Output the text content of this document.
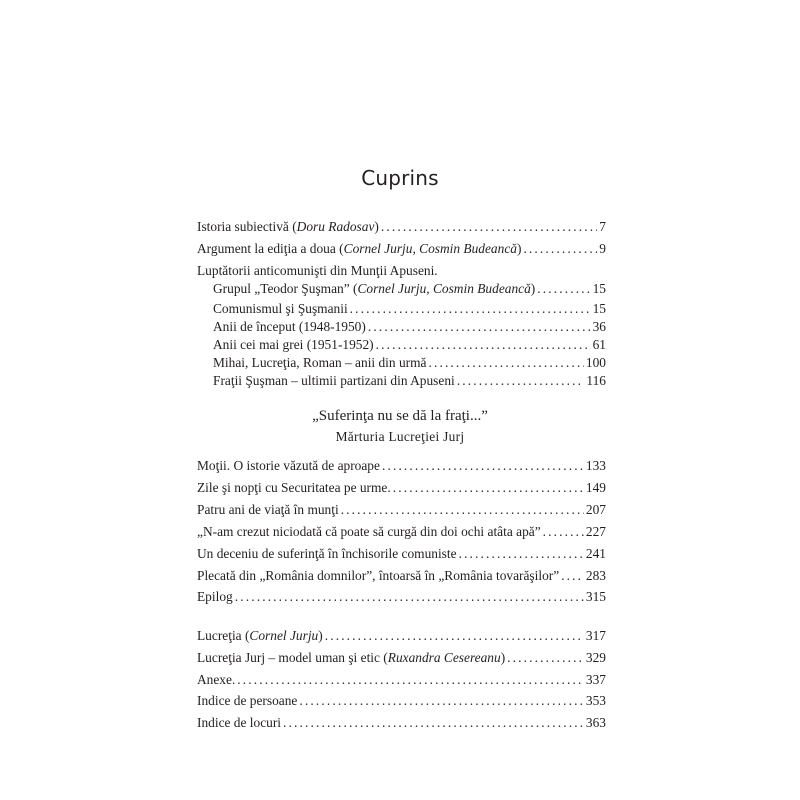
Cuprins
Istoria subiectivă (Doru Radosav) . . .	7
Argument la ediţia a doua (Cornel Jurju, Cosmin Budeancă) . . .	9
Luptătorii anticomunişti din Munţii Apuseni.
Grupul „Teodor Şuşman” (Cornel Jurju, Cosmin Budeancă) . . .	15
Comunismul şi Şuşmanii . . .	15
Anii de început (1948-1950) . . .	36
Anii cei mai grei (1951-1952) . . .	61
Mihai, Lucreţia, Roman – anii din urmă . . .	100
Fraţii Şuşman – ultimii partizani din Apuseni . . .	116
„Suferinţa nu se dă la fraţi...”
Mărturia Lucreţiei Jurj
Moţii. O istorie văzută de aproape . . .	133
Zile şi nopţi cu Securitatea pe urme. . . .	149
Patru ani de viaţă în munţi . . .	207
„N-am crezut niciodată că poate să curgă din doi ochi atâta apă” . . .	227
Un deceniu de suferinţă în închisorile comuniste . . .	241
Plecată din „România domnilor”, întoarsă în „România tovarăşilor” . . . 283
Epilog . . .	315
Lucreţia (Cornel Jurju) . . .	317
Lucreţia Jurj – model uman şi etic (Ruxandra Cesereanu) . . .	329
Anexe. . . .	337
Indice de persoane . . .	353
Indice de locuri . . .	363
